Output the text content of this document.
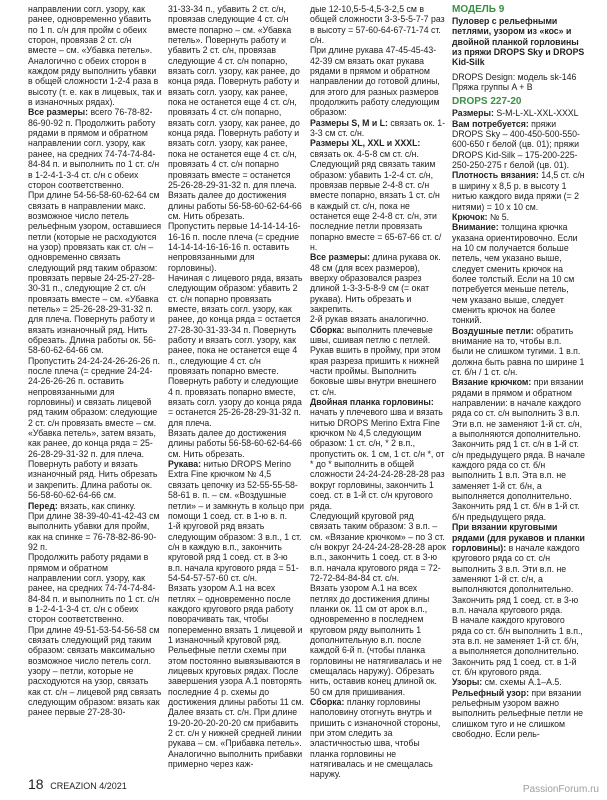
направлении согл. узору, как ранее, одновременно убавить по 1 п. с/н для пройм с обеих сторон, провязав 2 ст. с/н вместе – см. «Убавка петель». Аналогично с обеих сторон в каждом ряду выполнить убавки в общей сложности 1-2-4 раза в высоту (т. е. как в лицевых, так и в изнаночных рядах).

Все размеры: всего 76-78-82-86-90-92 п. Продолжить работу рядами в прямом и обратном направлении согл. узору, как ранее, на средних 74-74-74-84-84-84 п. и выполнить по 1 ст. с/н в 1-2-4-1-3-4 ст. с/н с обеих сторон соответственно.

При длине 54-56-58-60-62-64 см связать в направлении макс. возможное число петель рельефным узором, оставшиеся петли (которые не расходуются на узор) провязать как ст. с/н – одновременно связать следующий ряд таким образом: провязать первые 24-25-27-28-30-31 п., следующие 2 ст. с/н провязать вместе – см. «Убавка петель» = 25-26-28-29-31-32 п. для плеча. Повернуть работу и вязать изнаночный ряд. Нить обрезать. Длина работы ок. 56-58-60-62-64-66 см.

Пропустить 24-24-24-26-26-26 п. после плеча (= средние 24-24-24-26-26-26 п. оставить непровязанными для горловины) и связать лицевой ряд таким образом: следующие 2 ст. с/н провязать вместе – см. «Убавка петель», затем вязать, как ранее, до конца ряда = 25-26-28-29-31-32 п. для плеча.

Повернуть работу и вязать изнаночный ряд. Нить обрезать и закрепить. Длина работы ок. 56-58-60-62-64-66 см.

Перед: вязать, как спинку.

При длине 38-39-40-41-42-43 см выполнить убавки для пройм, как на спинке = 76-78-82-86-90-92 п.

Продолжить работу рядами в прямом и обратном направлении согл. узору, как ранее, на средних 74-74-74-84-84-84 п. и выполнить по 1 ст. с/н в 1-2-4-1-3-4 ст. с/н с обеих сторон соответственно.

При длине 49-51-53-54-56-58 см связать следующий ряд таким образом: связать максимально возможное число петель согл. узору – петли, которые не расходуются на узор, связать как ст. с/н – лицевой ряд связать следующим образом: вязать как ранее первые 27-28-30-

31-33-34 п., убавить 2 ст. с/н, провязав следующие 4 ст. с/н вместе попарно – см. «Убавка петель». Повернуть работу и убавить 2 ст. с/н, провязав следующие 4 ст. с/н попарно, вязать согл. узору, как ранее, до конца ряда. Повернуть работу и вязать согл. узору, как ранее, пока не останется еще 4 ст. с/н, провязать 4 ст. с/н попарно, вязать согл. узору, как ранее, до конца ряда. Повернуть работу и вязать согл. узору, как ранее, пока не останется еще 4 ст. с/н, провязать 4 ст. с/н попарно провязать вместе = останется 25-26-28-29-31-32 п. для плеча.

Вязать далее до достижения длины работы 56-58-60-62-64-66 см. Нить обрезать.

Пропустить первые 14-14-14-16-16-16 п. после плеча (= средние 14-14-14-16-16-16 п. оставить непровязанными для горловины).

Начиная с лицевого ряда, вязать следующим образом: убавить 2 ст. с/н попарно провязать вместе, вязать согл. узору, как ранее, до конца ряда = остается 27-28-30-31-33-34 п. Повернуть работу и вязать согл. узору, как ранее, пока не останется еще 4 п., следующие 4 ст. с/н провязать попарно вместе. Повернуть работу и следующие 4 п. провязать попарно вместе, вязать согл. узору до конца ряда = останется 25-26-28-29-31-32 п. для плеча.

Вязать далее до достижения длины работы 56-58-60-62-64-66 см. Нить обрезать.

Рукава: нитью DROPS Merino Extra Fine крючком № 4,5 связать цепочку из 52-55-55-58-58-61 в. п. – см. «Воздушные петли» – и замкнуть в кольцо при помощи 1 соед. ст. в 1-ю в. п.

1-й круговой ряд вязать следующим образом: 3 в.п., 1 ст. с/н в каждую в.п., закончить круговой ряд 1 соед. ст. в 3-ю в.п. начала кругового ряда = 51-54-54-57-57-60 ст. с/н.

Вязать узором А.1 на всех петлях – одновременно после каждого кругового ряда работу поворачивать так, чтобы попеременно вязать 1 лицевой и 1 изнаночный круговой ряд. Рельефные петли схемы при этом постоянно вывязываются в лицевых круговых рядах. После завершения узора А.1 повторять последние 4 р. схемы до достижения длины работы 11 см.

Далее вязать ст. с/н. При длине 19-20-20-20-20-20 см прибавить 2 ст. с/н у нижней средней линии рукава – см. «Прибавка петель». Аналогично выполнить прибавки примерно через каж-

дые 12-10,5-5-4,5-3-2,5 см в общей сложности 3-3-5-5-7-7 раз в высоту = 57-60-64-67-71-74 ст. с/н.

При длине рукава 47-45-45-43-42-39 см вязать окат рукава рядами в прямом и обратном направлении до готовой длины, для этого для разных размеров продолжить работу следующим образом:

Размеры S, M и L: связать ок. 1-3-3 см ст. с/н.

Размеры XL, XXL и XXXL: связать ок. 4-5-8 см ст. с/н.

Следующий ряд связать таким образом: убавить 1-2-4 ст. с/н, провязав первые 2-4-8 ст. с/н вместе попарно, вязать 1 ст. с/н в каждый ст. с/н, пока не останется еще 2-4-8 ст. с/н, эти последние петли провязать попарно вместе = 65-67-66 ст. с/н.

Все размеры: длина рукава ок. 48 см (для всех размеров), вверху образовался разрез длиной 1-3-3-5-8-9 см (= окат рукава). Нить обрезать и закрепить.

2-й рукав вязать аналогично.

Сборка: выполнить плечевые швы, сшивая петлю с петлей. Рукав вшить в пройму, при этом края разреза пришить к нижней части проймы. Выполнить боковые швы внутри внешнего ст. с/н.

Двойная планка горловины: начать у плечевого шва и вязать нитью DROPS Merino Extra Fine крючком № 4,5 следующим образом: 1 ст. с/н, * 2 в.п., пропустить ок. 1 см, 1 ст. с/н *, от * до * выполнить в общей сложности 24-24-24-28-28-28 раз вокруг горловины, закончить 1 соед. ст. в 1-й ст. с/н кругового ряда.

Следующий круговой ряд связать таким образом: 3 в.п. – см. «Вязание крючком» – по 3 ст. с/н вокруг 24-24-24-28-28-28 арок в.п., закончить 1 соед. ст. в 3-ю в.п. начала кругового ряда = 72-72-72-84-84-84 ст. с/н.

Вязать узором А.1 на всех петлях до достижения длины планки ок. 11 см от арок в.п., одновременно в последнем круговом ряду выполнить 1 дополнительную в.п. после каждой 6-й п. (чтобы планка горловины не натягивалась и не смещалась наружу). Обрезать нить, оставив конец длиной ок. 50 см для пришивания.

Сборка: планку горловины наполовину отогнуть внутрь и пришить с изнаночной стороны, при этом следить за эластичностью шва, чтобы планка горловины не натягивалась и не смещалась наружу.

МОДЕЛЬ 9

Пуловер с рельефными петлями, узором из «кос» и двойной планкой горловины из пряжи DROPS Sky и DROPS Kid-Silk

DROPS Design: модель sk-146

Пряжа группы A + B

DROPS 227-20

Размеры: S-M-L-XL-XXL-XXXL

Вам потребуется: пряжи DROPS Sky – 400-450-500-550-600-650 г белой (цв. 01); пряжи DROPS Kid-Silk – 175-200-225-250-250-275 г белой (цв. 01).

Плотность вязания: 14,5 ст. с/н в ширину х 8,5 р. в высоту 1 нитью каждого вида пряжи (= 2 нитями) = 10 х 10 см.

Крючок: № 5.

Внимание: толщина крючка указана ориентировочно. Если на 10 см получается больше петель, чем указано выше, следует сменить крючок на более толстый. Если на 10 см потребуется меньше петель, чем указано выше, следует сменить крючок на более тонкий.

Воздушные петли: обратить внимание на то, чтобы в.п. были не слишком тугими. 1 в.п. должна быть равна по ширине 1 ст. б/н / 1 ст. с/н.

Вязание крючком: при вязании рядами в прямом и обратном направлении: в начале каждого ряда со ст. с/н выполнить 3 в.п. Эти в.п. не заменяют 1-й ст. с/н, а выполняются дополнительно. Закончить ряд 1 ст. с/н в 1-й ст. с/н предыдущего ряда. В начале каждого ряда со ст. б/н выполнить 1 в.п. Эта в.п. не заменяет 1-й ст. б/н, а выполняется дополнительно. Закончить ряд 1 ст. б/н в 1-й ст. б/н предыдущего ряда.

При вязании круговыми рядами (для рукавов и планки горловины): в начале каждого кругового ряда со ст. с/н выполнить 3 в.п. Эти в.п. не заменяют 1-й ст. с/н, а выполняются дополнительно. Закончить ряд 1 соед. ст. в 3-ю в.п. начала кругового ряда.

В начале каждого кругового ряда со ст. б/н выполнить 1 в.п., эта в.п. не заменяет 1-й ст. б/н, а выполняется дополнительно. Закончить ряд 1 соед. ст. в 1-й ст. б/н кругового ряда.

Узоры: см. схемы А.1–А.5.

Рельефный узор: при вязании рельефным узором важно выполнить рельефные петли не слишком туго и не слишком свободно. Если рель-

18 CREAZION 4/2021	PassionForum.ru
